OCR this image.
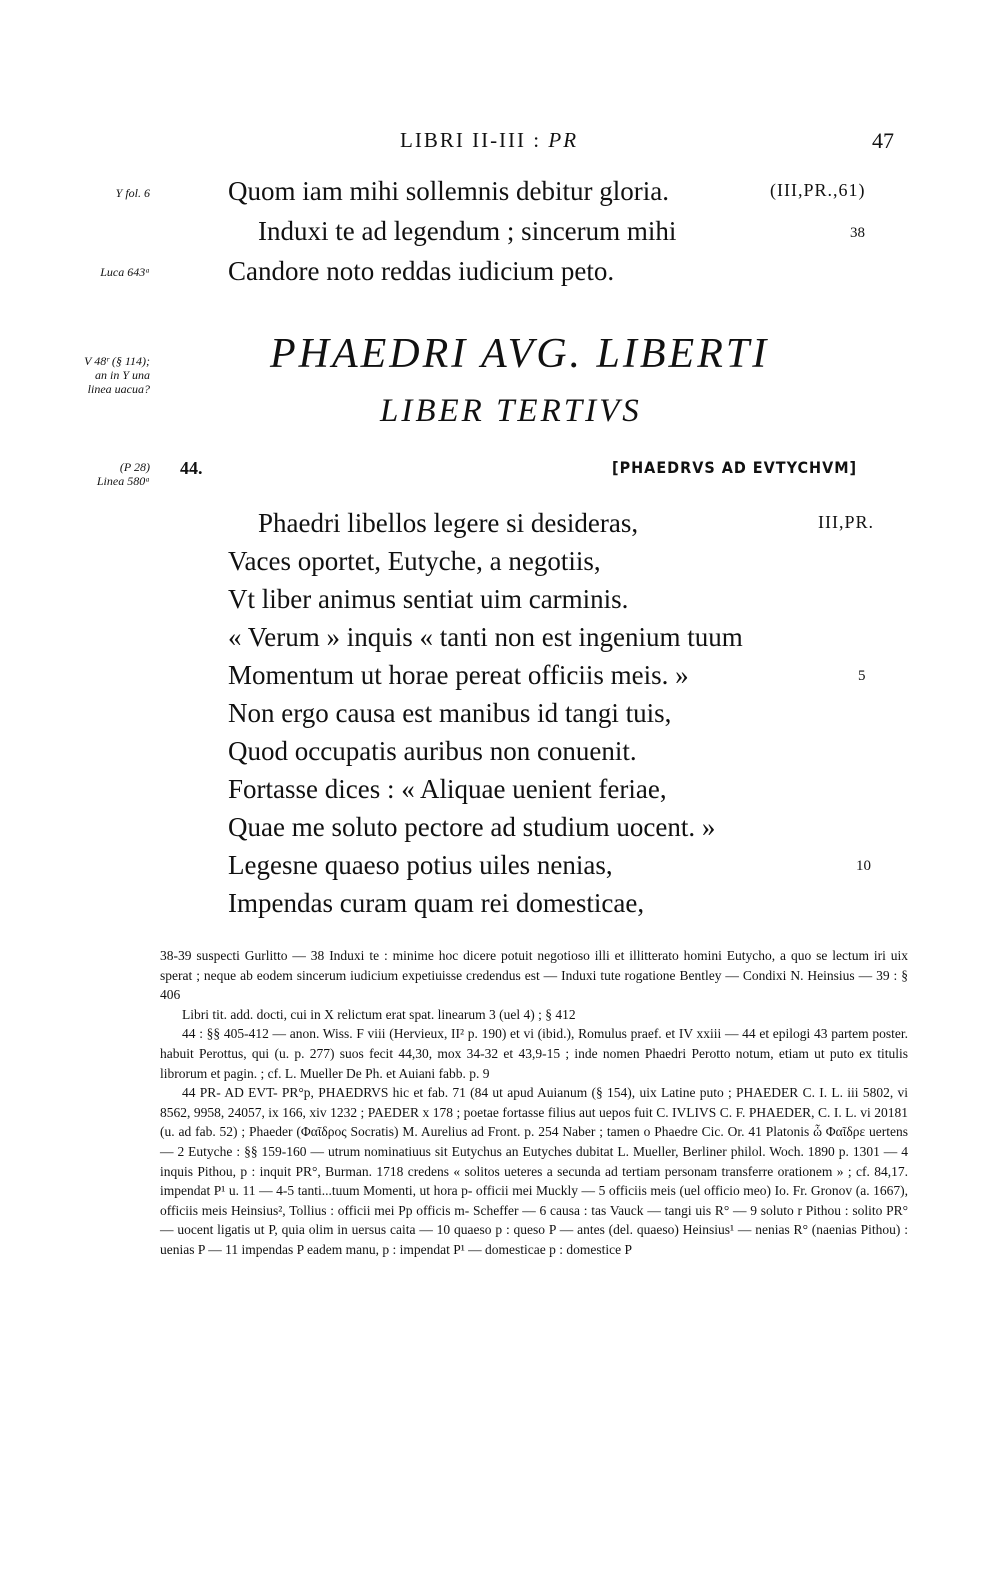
LIBRI II-III : PR	47
Y fol. 6
Luca 643ᵃ
V 48ʳ (§ 114);
an in Y una
linea uacua?
(P 28)
Linea 580ᵃ
Quom iam mihi sollemnis debitur gloria.	(III,PR.,61)
Induxi te ad legendum ; sincerum mihi	38
Candore noto reddas iudicium peto.
PHAEDRI AVG. LIBERTI
LIBER TERTIVS
44.	[PHAEDRVS AD EVTYCHVM]
Phaedri libellos legere si desideras,	III,PR.
Vaces oportet, Eutyche, a negotiis,
Vt liber animus sentiat uim carminis.
« Verum » inquis « tanti non est ingenium tuum
Momentum ut horae pereat officiis meis. »	5
Non ergo causa est manibus id tangi tuis,
Quod occupatis auribus non conuenit.
Fortasse dices : « Aliquae uenient feriae,
Quae me soluto pectore ad studium uocent. »
Legesne quaeso potius uiles nenias,	10
Impendas curam quam rei domesticae,

38-39 suspecti Gurlitto — 38 Induxi te : minime hoc dicere potuit negotioso illi et illitterato homini Eutycho, a quo se lectum iri uix sperat ; neque ab eodem sincerum iudicium expetiuisse credendus est — Induxi tute rogatione Bentley — Condixi N. Heinsius — 39 : § 406

Libri tit. add. docti, cui in X relictum erat spat. linearum 3 (uel 4) ; § 412

44 : §§ 405-412 — anon. Wiss. F viii (Hervieux, II² p. 190) et vi (ibid.), Romulus praef. et IV xxiii — 44 et epilogi 43 partem poster. habuit Perottus, qui (u. p. 277) suos fecit 44,30, mox 34-32 et 43,9-15 ; inde nomen Phaedri Perotto notum, etiam ut puto ex titulis librorum et pagin. ; cf. L. Mueller De Ph. et Auiani fabb. p. 9

44 PR- AD EVT- PR°p, PHAEDRVS hic et fab. 71 (84 ut apud Auianum (§ 154), uix Latine puto ; PHAEDER C. I. L. iii 5802, vi 8562, 9958, 24057, ix 166, xiv 1232 ; PAEDER x 178 ; poetae fortasse filius aut uepos fuit C. IVLIVS C. F. PHAEDER, C. I. L. vi 20181 (u. ad fab. 52) ; Phaeder (Φαῖδρος Socratis) M. Aurelius ad Front. p. 254 Naber ; tamen o Phaedre Cic. Or. 41 Platonis ὦ Φαῖδρε uertens — 2 Eutyche : §§ 159-160 — utrum nominatiuus sit Eutychus an Eutyches dubitat L. Mueller, Berliner philol. Woch. 1890 p. 1301 — 4 inquis Pithou, p : inquit PR°, Burman. 1718 credens « solitos ueteres a secunda ad tertiam personam transferre orationem » ; cf. 84,17. impendat P¹ u. 11 — 4-5 tanti...tuum Momenti, ut hora p- officii mei Muckly — 5 officiis meis (uel officio meo) Io. Fr. Gronov (a. 1667), officiis meis Heinsius², Tollius : officii mei Pp officis m- Scheffer — 6 causa : tas Vauck — tangi uis R° — 9 soluto r Pithou : solito PR° — uocent ligatis ut P, quia olim in uersus caita — 10 quaeso p : queso P — antes (del. quaeso) Heinsius¹ — nenias R° (naenias Pithou) : uenias P — 11 impendas P eadem manu, p : impendat P¹ — domesticae p : domestice P
